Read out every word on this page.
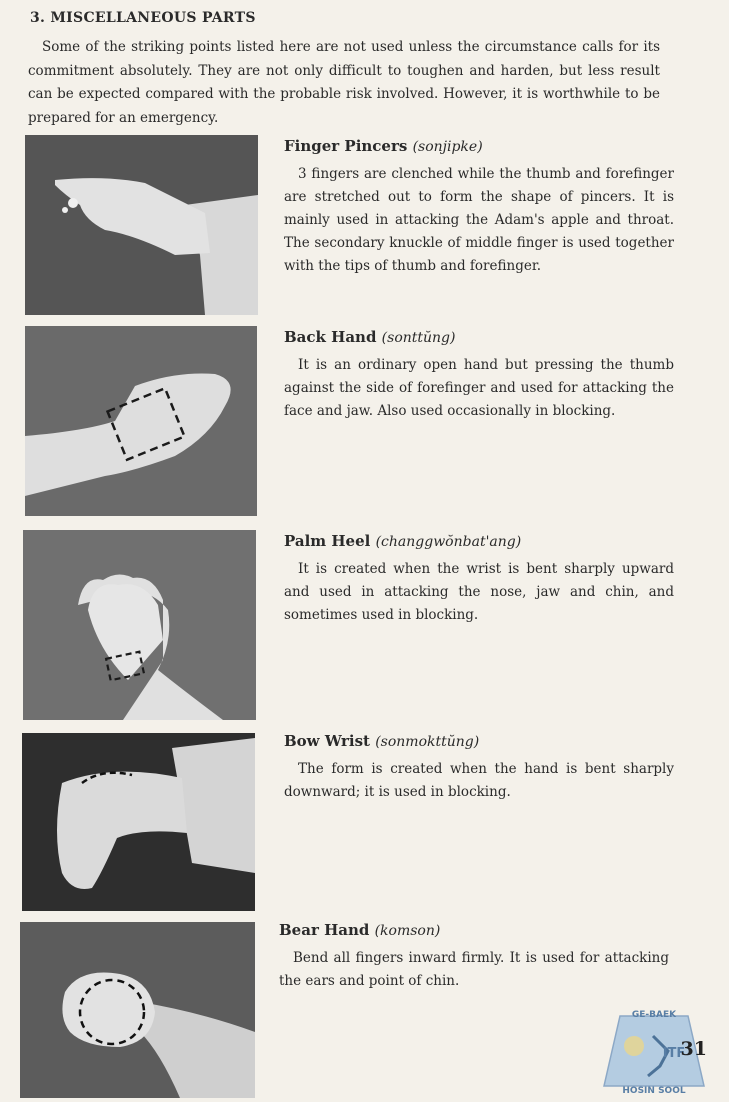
3. MISCELLANEOUS PARTS

Some of the striking points listed here are not used unless the circumstance calls for its commitment absolutely. They are not only difficult to toughen and harden, but less result can be expected compared with the probable risk involved. However, it is worthwhile to be prepared for an emergency.

Finger Pincers (sonjipke)

3 fingers are clenched while the thumb and forefinger are stretched out to form the shape of pincers. It is mainly used in attacking the Adam's apple and throat. The secondary knuckle of middle finger is used together with the tips of thumb and forefinger.

Back Hand (sonttŭng)

It is an ordinary open hand but pressing the thumb against the side of forefinger and used for attacking the face and jaw. Also used occasionally in blocking.

Palm Heel (changgwŏnbat'ang)

It is created when the wrist is bent sharply upward and used in attacking the nose, jaw and chin, and sometimes used in blocking.

Bow Wrist (sonmokttŭng)

The form is created when the hand is bent sharply downward; it is used in blocking.

Bear Hand (komson)

Bend all fingers inward firmly. It is used for attacking the ears and point of chin.

GE-BAEK
ITF
HOSIN SOOL
31
